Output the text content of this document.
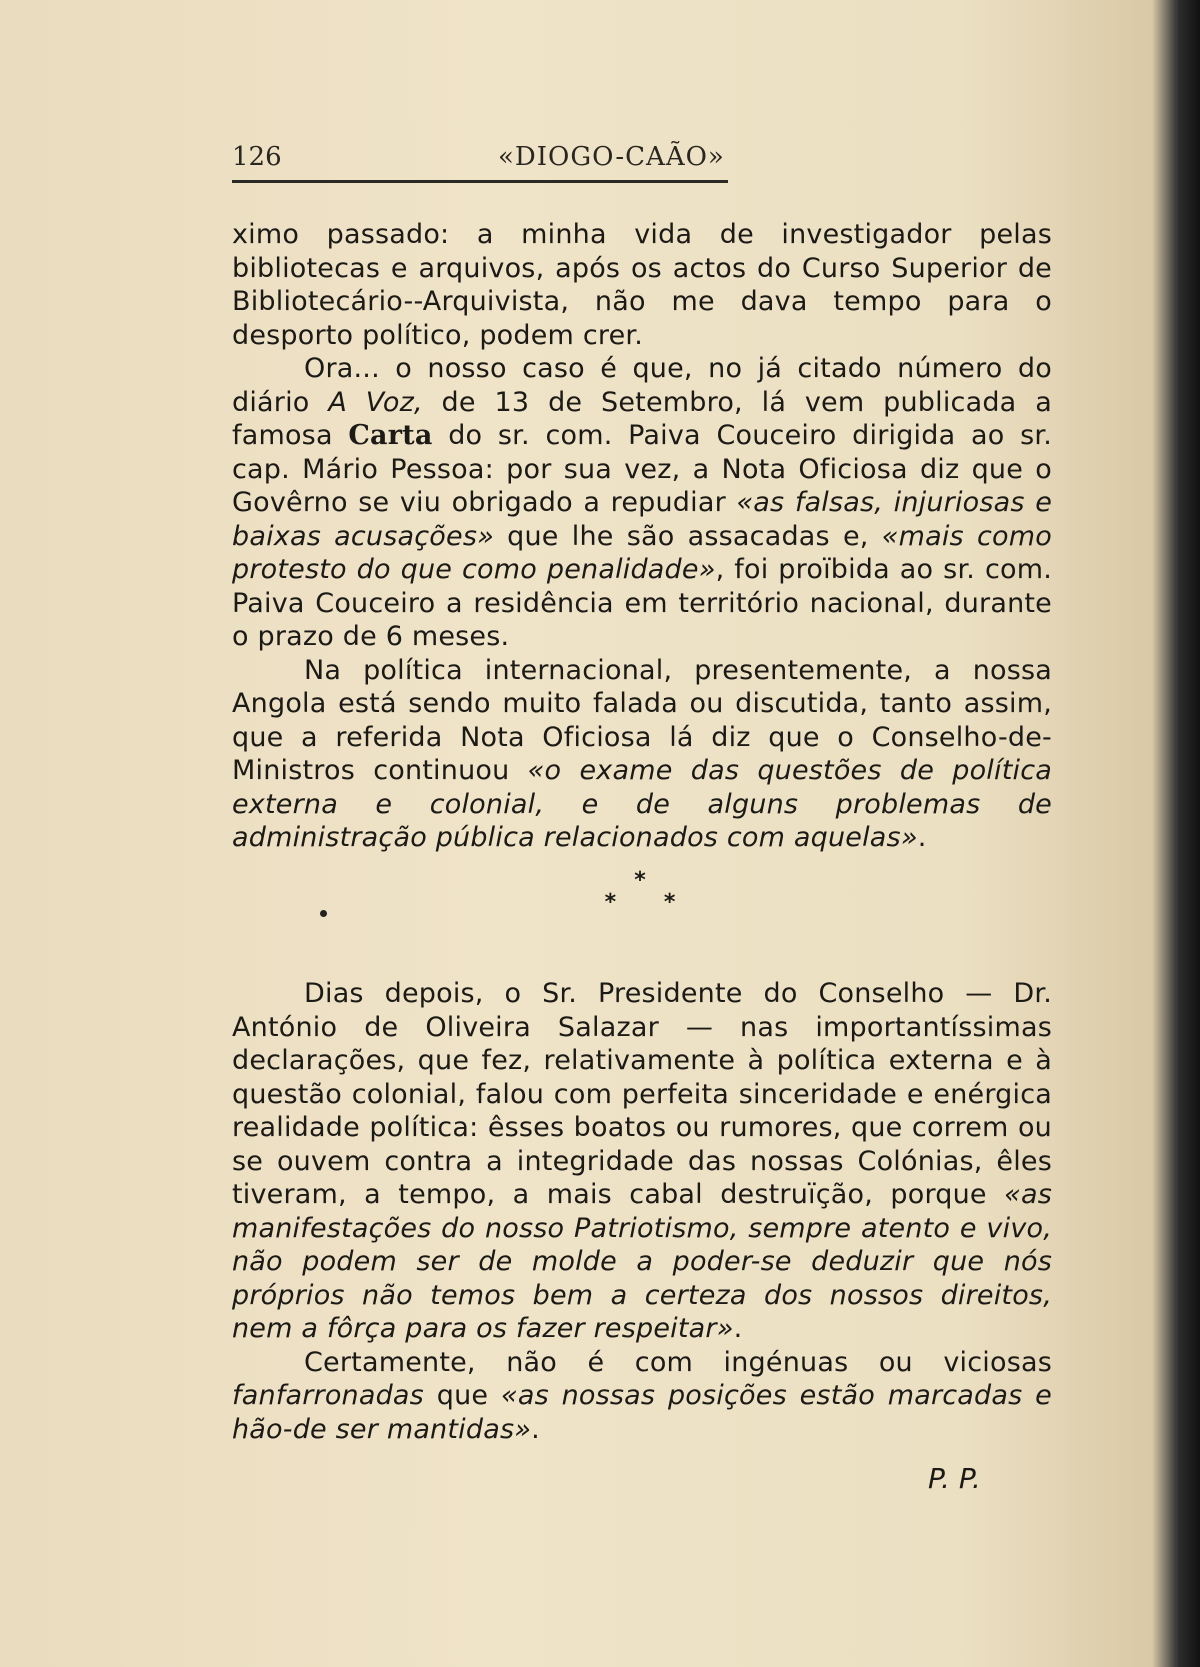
126	«DIOGO-CAÃO»

ximo passado: a minha vida de investigador pelas bibliotecas e arquivos, após os actos do Curso Superior de Bibliotecário--Arquivista, não me dava tempo para o desporto político, podem crer.

Ora... o nosso caso é que, no já citado número do diário A Voz, de 13 de Setembro, lá vem publicada a famosa Carta do sr. com. Paiva Couceiro dirigida ao sr. cap. Mário Pessoa: por sua vez, a Nota Oficiosa diz que o Govêrno se viu obrigado a repudiar «as falsas, injuriosas e baixas acusações» que lhe são assacadas e, «mais como protesto do que como penalidade», foi proïbida ao sr. com. Paiva Couceiro a residência em território nacional, durante o prazo de 6 meses.

Na política internacional, presentemente, a nossa Angola está sendo muito falada ou discutida, tanto assim, que a referida Nota Oficiosa lá diz que o Conselho-de-Ministros continuou «o exame das questões de política externa e colonial, e de alguns problemas de administração pública relacionados com aquelas».

*
* *

Dias depois, o Sr. Presidente do Conselho — Dr. António de Oliveira Salazar — nas importantíssimas declarações, que fez, relativamente à política externa e à questão colonial, falou com perfeita sinceridade e enérgica realidade política: êsses boatos ou rumores, que correm ou se ouvem contra a integridade das nossas Colónias, êles tiveram, a tempo, a mais cabal destruïção, porque «as manifestações do nosso Patriotismo, sempre atento e vivo, não podem ser de molde a poder-se deduzir que nós próprios não temos bem a certeza dos nossos direitos, nem a fôrça para os fazer respeitar».

Certamente, não é com ingénuas ou viciosas fanfarronadas que «as nossas posições estão marcadas e hão-de ser mantidas».

P. P.
